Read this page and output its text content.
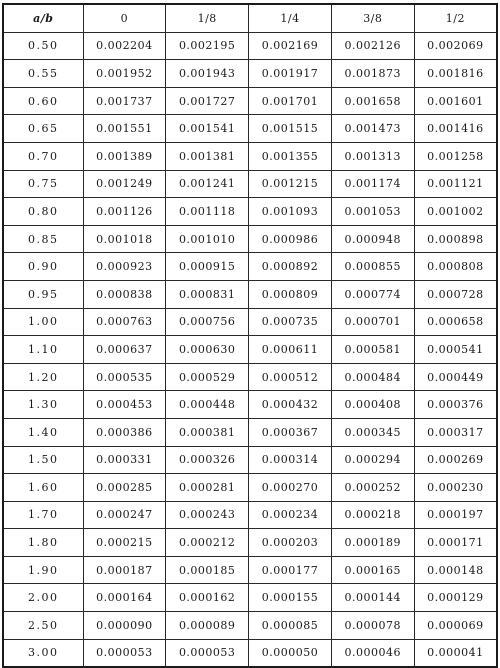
a/b	0	1/8	1/4	3/8	1/2
0.50	0.002204	0.002195	0.002169	0.002126	0.002069
0.55	0.001952	0.001943	0.001917	0.001873	0.001816
0.60	0.001737	0.001727	0.001701	0.001658	0.001601
0.65	0.001551	0.001541	0.001515	0.001473	0.001416
0.70	0.001389	0.001381	0.001355	0.001313	0.001258
0.75	0.001249	0.001241	0.001215	0.001174	0.001121
0.80	0.001126	0.001118	0.001093	0.001053	0.001002
0.85	0.001018	0.001010	0.000986	0.000948	0.000898
0.90	0.000923	0.000915	0.000892	0.000855	0.000808
0.95	0.000838	0.000831	0.000809	0.000774	0.000728
1.00	0.000763	0.000756	0.000735	0.000701	0.000658
1.10	0.000637	0.000630	0.000611	0.000581	0.000541
1.20	0.000535	0.000529	0.000512	0.000484	0.000449
1.30	0.000453	0.000448	0.000432	0.000408	0.000376
1.40	0.000386	0.000381	0.000367	0.000345	0.000317
1.50	0.000331	0.000326	0.000314	0.000294	0.000269
1.60	0.000285	0.000281	0.000270	0.000252	0.000230
1.70	0.000247	0.000243	0.000234	0.000218	0.000197
1.80	0.000215	0.000212	0.000203	0.000189	0.000171
1.90	0.000187	0.000185	0.000177	0.000165	0.000148
2.00	0.000164	0.000162	0.000155	0.000144	0.000129
2.50	0.000090	0.000089	0.000085	0.000078	0.000069
3.00	0.000053	0.000053	0.000050	0.000046	0.000041
